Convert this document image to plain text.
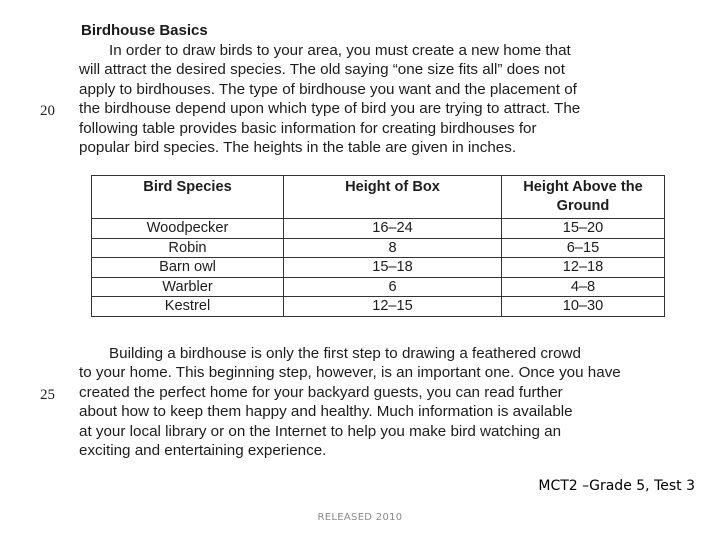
Birdhouse Basics
20
In order to draw birds to your area, you must create a new home that
will attract the desired species. The old saying “one size fits all” does not
apply to birdhouses. The type of birdhouse you want and the placement of
the birdhouse depend upon which type of bird you are trying to attract. The
following table provides basic information for creating birdhouses for
popular bird species. The heights in the table are given in inches.
Bird Species	Height of Box	Height Above the Ground
Woodpecker	16–24	15–20
Robin	8	6–15
Barn owl	15–18	12–18
Warbler	6	4–8
Kestrel	12–15	10–30
25
Building a birdhouse is only the first step to drawing a feathered crowd
to your home. This beginning step, however, is an important one. Once you have
created the perfect home for your backyard guests, you can read further
about how to keep them happy and healthy. Much information is available
at your local library or on the Internet to help you make bird watching an
exciting and entertaining experience.
MCT2 –Grade 5, Test 3
RELEASED 2010
